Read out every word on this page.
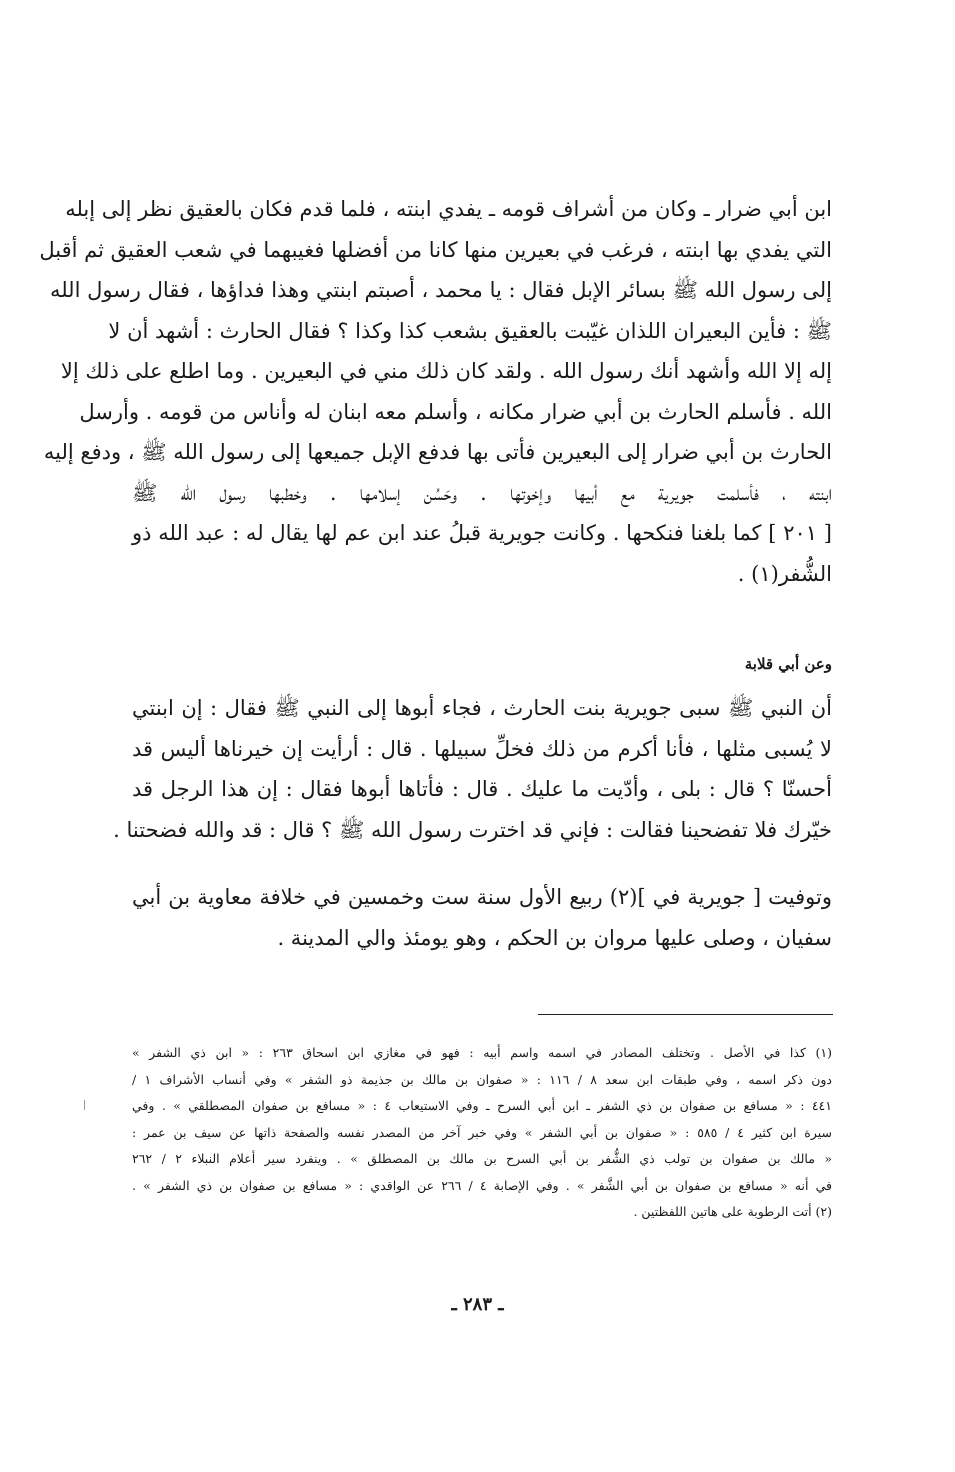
ابن أبي ضرار ـ وكان من أشراف قومه ـ يفدي ابنته ، فلما قدم فكان بالعقيق نظر إلى إبله
التي يفدي بها ابنته ، فرغب في بعيرين منها كانا من أفضلها فغيبهما في شعب العقيق ثم أقبل
إلى رسول الله ﷺ بسائر الإبل فقال : يا محمد ، أصبتم ابنتي وهذا فداؤها ، فقال رسول الله
ﷺ : فأين البعيران اللذان غيّبت بالعقيق بشعب كذا وكذا ؟ فقال الحارث : أشهد أن لا
إله إلا الله وأشهد أنك رسول الله . ولقد كان ذلك مني في البعيرين . وما اطلع على ذلك إلا
الله . فأسلم الحارث بن أبي ضرار مكانه ، وأسلم معه ابنان له وأناس من قومه . وأرسل
الحارث بن أبي ضرار إلى البعيرين فأتى بها فدفع الإبل جميعها إلى رسول الله ﷺ ، ودفع إليه
ابنته ، فأسلمت جويرية مع أبيها وإخوتها . وحَسُن إسلامها . وخطبها رسول الله ﷺ
[ ٢٠١ ] كما بلغنا فنكحها . وكانت جويرية قبلُ عند ابن عم لها يقال له : عبد الله ذو
الشُّفر(١) .
وعن أبي قلابة
أن النبي ﷺ سبى جويرية بنت الحارث ، فجاء أبوها إلى النبي ﷺ فقال : إن ابنتي
لا يُسبى مثلها ، فأنا أكرم من ذلك فخلِّ سبيلها . قال : أرأيت إن خيرناها أليس قد
أحسنّا ؟ قال : بلى ، وأدّيت ما عليك . قال : فأتاها أبوها فقال : إن هذا الرجل قد
خيّرك فلا تفضحينا فقالت : فإني قد اخترت رسول الله ﷺ ؟ قال : قد والله فضحتنا .
وتوفيت [ جويرية في ](٢) ربيع الأول سنة ست وخمسين في خلافة معاوية بن أبي
سفيان ، وصلى عليها مروان بن الحكم ، وهو يومئذ والي المدينة .
(١) كذا في الأصل . وتختلف المصادر في اسمه واسم أبيه : فهو في مغازي ابن اسحاق ٢٦٣ : « ابن ذي الشفر »
دون ذكر اسمه ، وفي طبقات ابن سعد ٨ / ١١٦ : « صفوان بن مالك بن جذيمة ذو الشفر » وفي أنساب الأشراف ١ /
٤٤١ : « مسافع بن صفوان بن ذي الشفر ـ ابن أبي السرح ـ وفي الاستيعاب ٤ : « مسافع بن صفوان المصطلقي » . وفي
سيرة ابن كثير ٤ / ٥٨٥ : « صفوان بن أبي الشفر » وفي خبر آخر من المصدر نفسه والصفحة ذاتها عن سيف بن عمر :
« مالك بن صفوان بن تولب ذي الشُّفر بن أبي السرح بن مالك بن المصطلق » . وينفرد سير أعلام النبلاء ٢ / ٢٦٢
في أنه « مسافع بن صفوان بن أبي الشَّفر » . وفي الإصابة ٤ / ٢٦٦ عن الواقدي : « مسافع بن صفوان بن ذي الشفر » .
(٢) أتت الرطوبة على هاتين اللفظتين .
ـ ٢٨٣ ـ
